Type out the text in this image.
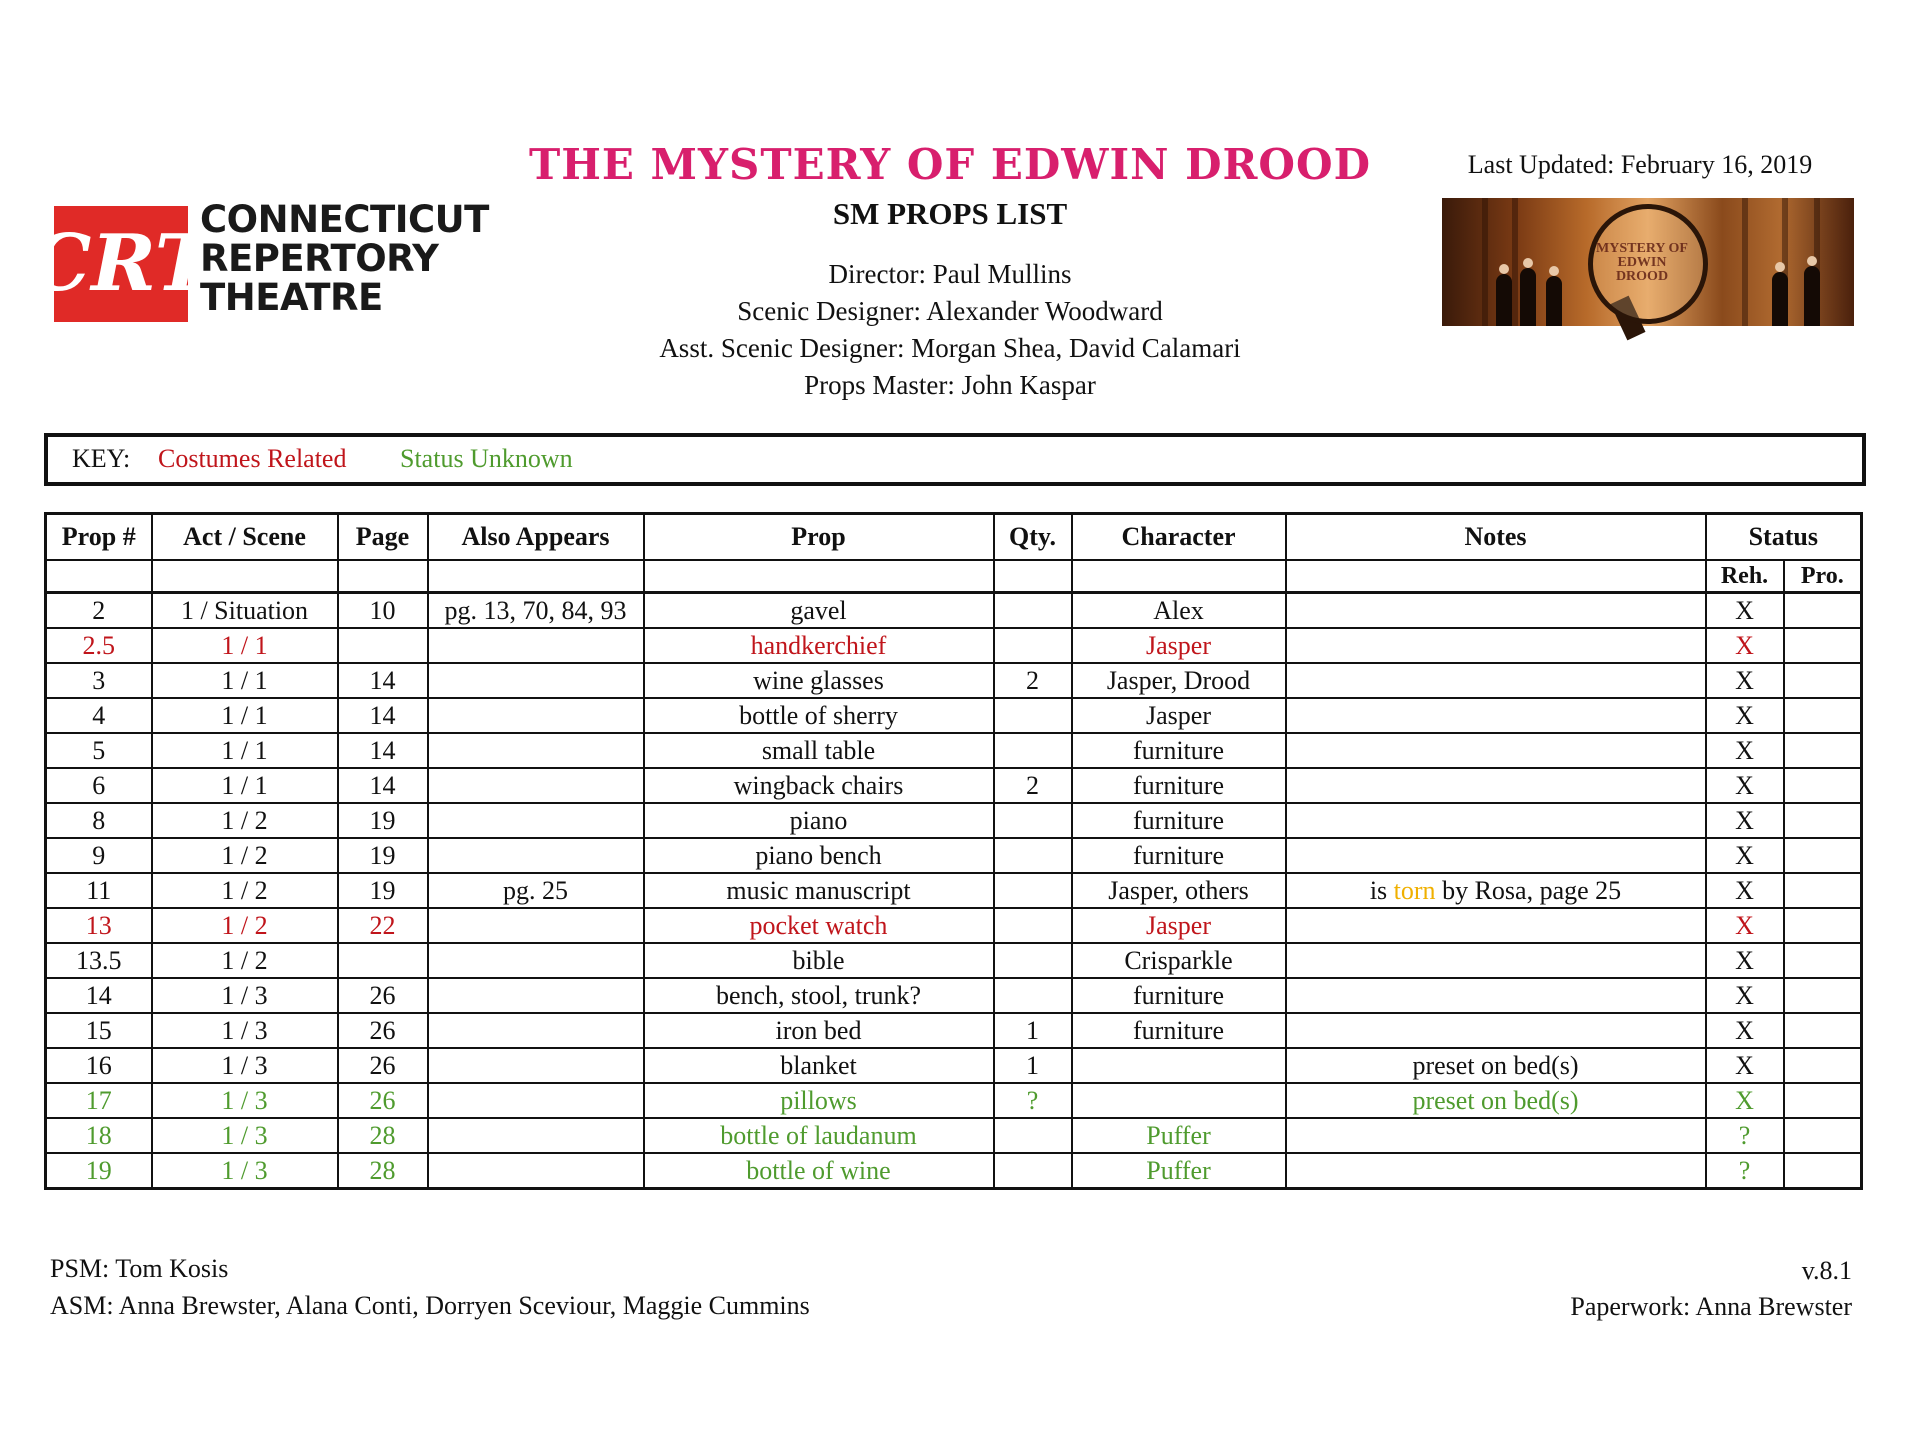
CRT
CONNECTICUT
REPERTORY
THEATRE
THE MYSTERY OF EDWIN DROOD
SM PROPS LIST
Director: Paul Mullins
Scenic Designer: Alexander Woodward
Asst. Scenic Designer: Morgan Shea, David Calamari
Props Master: John Kaspar
Last Updated: February 16, 2019
MYSTERY OF EDWIN DROOD
KEY: Costumes Related Status Unknown
Prop #	Act / Scene	Page	Also Appears	Prop	Qty.	Character	Notes	Status	
								Reh.	Pro.
2	1 / Situation	10	pg. 13, 70, 84, 93	gavel		Alex		X	
2.5	1 / 1			handkerchief		Jasper		X	
3	1 / 1	14		wine glasses	2	Jasper, Drood		X	
4	1 / 1	14		bottle of sherry		Jasper		X	
5	1 / 1	14		small table		furniture		X	
6	1 / 1	14		wingback chairs	2	furniture		X	
8	1 / 2	19		piano		furniture		X	
9	1 / 2	19		piano bench		furniture		X	
11	1 / 2	19	pg. 25	music manuscript		Jasper, others	is torn by Rosa, page 25	X	
13	1 / 2	22		pocket watch		Jasper		X	
13.5	1 / 2			bible		Crisparkle		X	
14	1 / 3	26		bench, stool, trunk?		furniture		X	
15	1 / 3	26		iron bed	1	furniture		X	
16	1 / 3	26		blanket	1		preset on bed(s)	X	
17	1 / 3	26		pillows	?		preset on bed(s)	X	
18	1 / 3	28		bottle of laudanum		Puffer		?	
19	1 / 3	28		bottle of wine		Puffer		?	
PSM: Tom Kosis
ASM: Anna Brewster, Alana Conti, Dorryen Sceviour, Maggie Cummins
v.8.1
Paperwork: Anna Brewster
